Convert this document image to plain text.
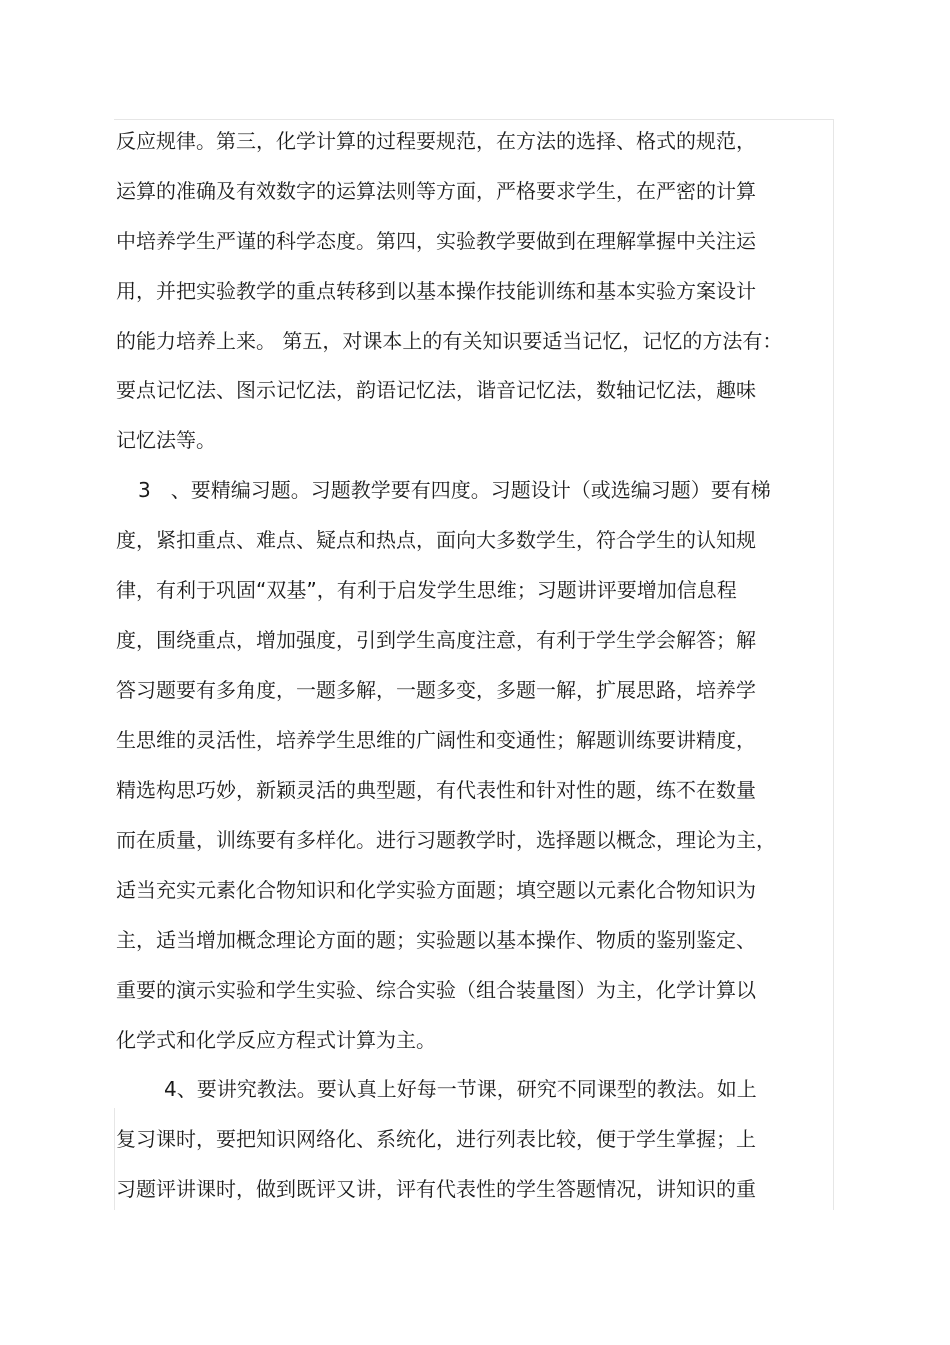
反应规律。第三，化学计算的过程要规范，在方法的选择、格式的规范，
运算的准确及有效数字的运算法则等方面，严格要求学生，在严密的计算
中培养学生严谨的科学态度。第四，实验教学要做到在理解掌握中关注运
用，并把实验教学的重点转移到以基本操作技能训练和基本实验方案设计
的能力培养上来。 第五，对课本上的有关知识要适当记忆，记忆的方法有：
要点记忆法、图示记忆法，韵语记忆法，谐音记忆法，数轴记忆法，趣味
记忆法等。
3　、要精编习题。习题教学要有四度。习题设计（或选编习题）要有梯
度，紧扣重点、难点、疑点和热点，面向大多数学生，符合学生的认知规
律，有利于巩固“双基”，有利于启发学生思维；习题讲评要增加信息程
度，围绕重点，增加强度，引到学生高度注意，有利于学生学会解答；解
答习题要有多角度，一题多解，一题多变，多题一解，扩展思路，培养学
生思维的灵活性，培养学生思维的广阔性和变通性；解题训练要讲精度，
精选构思巧妙，新颖灵活的典型题，有代表性和针对性的题，练不在数量
而在质量，训练要有多样化。进行习题教学时，选择题以概念，理论为主，
适当充实元素化合物知识和化学实验方面题；填空题以元素化合物知识为
主，适当增加概念理论方面的题；实验题以基本操作、物质的鉴别鉴定、
重要的演示实验和学生实验、综合实验（组合装量图）为主，化学计算以
化学式和化学反应方程式计算为主。
4、要讲究教法。要认真上好每一节课，研究不同课型的教法。如上
复习课时，要把知识网络化、系统化，进行列表比较，便于学生掌握；上
习题评讲课时，做到既评又讲，评有代表性的学生答题情况，讲知识的重
